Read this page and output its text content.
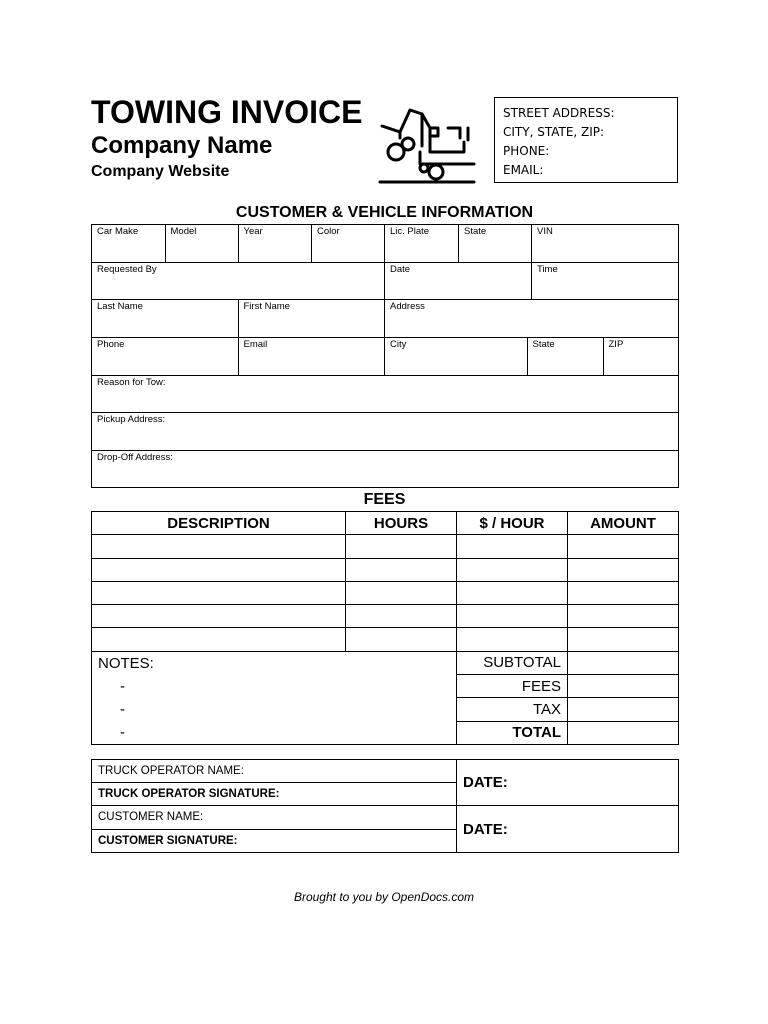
TOWING INVOICE
Company Name
Company Website
STREET ADDRESS:
CITY, STATE, ZIP:
PHONE:
EMAIL:
CUSTOMER & VEHICLE INFORMATION
Car Make	Model	Year	Color	Lic. Plate	State	VIN
Requested By	Date	Time
Last Name	First Name	Address
Phone	Email		City	State	ZIP

Reason for Tow:
Pickup Address:
Drop-Off Address:
FEES
DESCRIPTION	HOURS	$ / HOUR	AMOUNT

NOTES:		SUBTOTAL	
-		FEES	
-		TAX	
-		TOTAL	
TRUCK OPERATOR NAME:	DATE:
TRUCK OPERATOR SIGNATURE:	
CUSTOMER NAME:	DATE:
CUSTOMER SIGNATURE:	
Brought to you by OpenDocs.com
